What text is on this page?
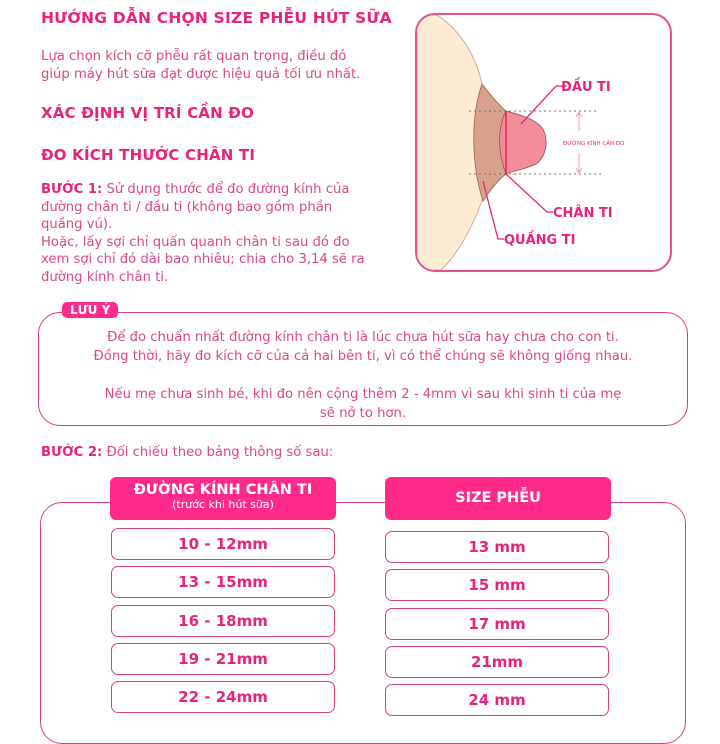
HƯỚNG DẪN CHỌN SIZE PHỄU HÚT SỮA
Lựa chọn kích cỡ phễu rất quan trọng, điều đó
giúp máy hút sữa đạt được hiệu quả tối ưu nhất.
XÁC ĐỊNH VỊ TRÍ CẦN ĐO
ĐO KÍCH THƯỚC CHÂN TI
BƯỚC 1: Sử dụng thước để đo đường kính của
đường chân ti / đầu ti (không bao gồm phần
quầng vú).
Hoặc, lấy sợi chỉ quấn quanh chân ti sau đó đo
xem sợi chỉ đó dài bao nhiêu; chia cho 3,14 sẽ ra
đường kính chân ti.
ĐƯỜNG KÍNH CẦN ĐO
ĐẦU TI
CHÂN TI
QUẦNG TI
LƯU Ý
Để đo chuẩn nhất đường kính chân ti là lúc chưa hút sữa hay chưa cho con ti.
Đồng thời, hãy đo kích cỡ của cả hai bên ti, vì có thể chúng sẽ không giống nhau.
Nếu mẹ chưa sinh bé, khi đo nên cộng thêm 2 - 4mm vì sau khi sinh ti của mẹ
sẽ nở to hơn.
BƯỚC 2: Đối chiếu theo bảng thông số sau:
ĐƯỜNG KÍNH CHÂN TI
(trước khi hút sữa)	SIZE PHỄU
10 - 12mm
13 - 15mm
16 - 18mm
19 - 21mm
22 - 24mm
13 mm
15 mm
17 mm
21mm
24 mm
